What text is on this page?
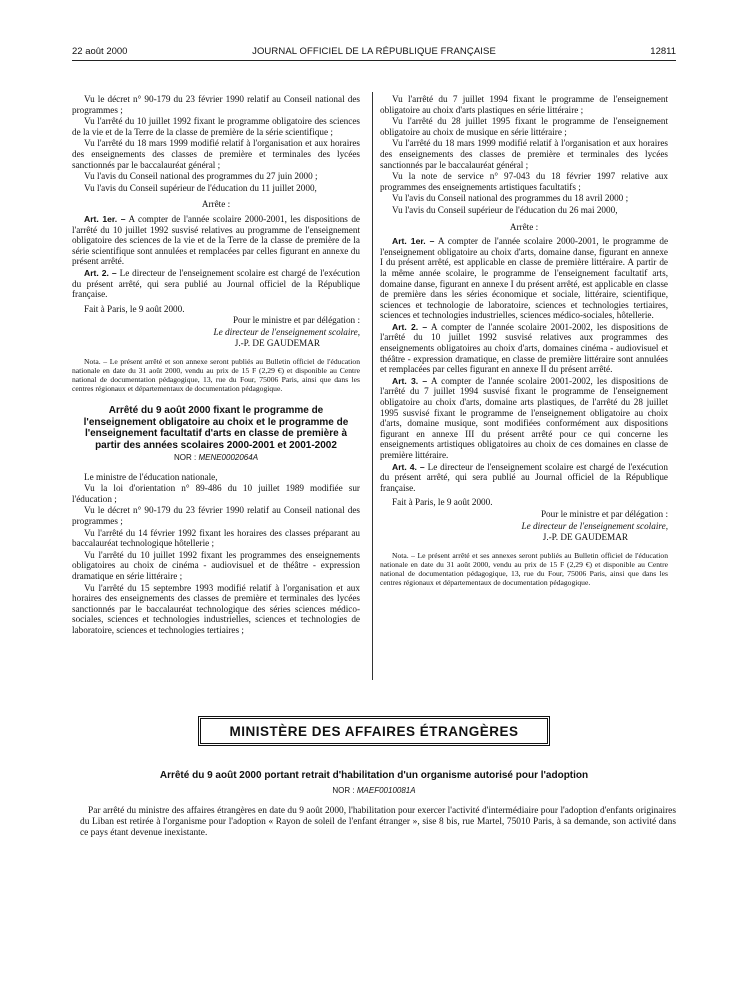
22 août 2000	JOURNAL OFFICIEL DE LA RÉPUBLIQUE FRANÇAISE	12811

Vu le décret n° 90-179 du 23 février 1990 relatif au Conseil national des programmes ;

Vu l'arrêté du 10 juillet 1992 fixant le programme obligatoire des sciences de la vie et de la Terre de la classe de première de la série scientifique ;

Vu l'arrêté du 18 mars 1999 modifié relatif à l'organisation et aux horaires des enseignements des classes de première et terminales des lycées sanctionnés par le baccalauréat général ;

Vu l'avis du Conseil national des programmes du 27 juin 2000 ;

Vu l'avis du Conseil supérieur de l'éducation du 11 juillet 2000,

Arrête :

Art. 1er. – A compter de l'année scolaire 2000-2001, les dispositions de l'arrêté du 10 juillet 1992 susvisé relatives au programme de l'enseignement obligatoire des sciences de la vie et de la Terre de la classe de première de la série scientifique sont annulées et remplacées par celles figurant en annexe du présent arrêté.

Art. 2. – Le directeur de l'enseignement scolaire est chargé de l'exécution du présent arrêté, qui sera publié au Journal officiel de la République française.

Fait à Paris, le 9 août 2000.

Pour le ministre et par délégation :

Le directeur de l'enseignement scolaire,

J.-P. DE GAUDEMAR

Nota. – Le présent arrêté et son annexe seront publiés au Bulletin officiel de l'éducation nationale en date du 31 août 2000, vendu au prix de 15 F (2,29 €) et disponible au Centre national de documentation pédagogique, 13, rue du Four, 75006 Paris, ainsi que dans les centres régionaux et départementaux de documentation pédagogique.

Arrêté du 9 août 2000 fixant le programme de l'enseignement obligatoire au choix et le programme de l'enseignement facultatif d'arts en classe de première à partir des années scolaires 2000-2001 et 2001-2002

NOR : MENE0002064A

Le ministre de l'éducation nationale,

Vu la loi d'orientation n° 89-486 du 10 juillet 1989 modifiée sur l'éducation ;

Vu le décret n° 90-179 du 23 février 1990 relatif au Conseil national des programmes ;

Vu l'arrêté du 14 février 1992 fixant les horaires des classes préparant au baccalauréat technologique hôtellerie ;

Vu l'arrêté du 10 juillet 1992 fixant les programmes des enseignements obligatoires au choix de cinéma - audiovisuel et de théâtre - expression dramatique en série littéraire ;

Vu l'arrêté du 15 septembre 1993 modifié relatif à l'organisation et aux horaires des enseignements des classes de première et terminales des lycées sanctionnés par le baccalauréat technologique des séries sciences médico-sociales, sciences et technologies industrielles, sciences et technologies de laboratoire, sciences et technologies tertiaires ;

Vu l'arrêté du 7 juillet 1994 fixant le programme de l'enseignement obligatoire au choix d'arts plastiques en série littéraire ;

Vu l'arrêté du 28 juillet 1995 fixant le programme de l'enseignement obligatoire au choix de musique en série littéraire ;

Vu l'arrêté du 18 mars 1999 modifié relatif à l'organisation et aux horaires des enseignements des classes de première et terminales des lycées sanctionnés par le baccalauréat général ;

Vu la note de service n° 97-043 du 18 février 1997 relative aux programmes des enseignements artistiques facultatifs ;

Vu l'avis du Conseil national des programmes du 18 avril 2000 ;

Vu l'avis du Conseil supérieur de l'éducation du 26 mai 2000,

Arrête :

Art. 1er. – A compter de l'année scolaire 2000-2001, le programme de l'enseignement obligatoire au choix d'arts, domaine danse, figurant en annexe I du présent arrêté, est applicable en classe de première littéraire. A partir de la même année scolaire, le programme de l'enseignement facultatif arts, domaine danse, figurant en annexe I du présent arrêté, est applicable en classe de première dans les séries économique et sociale, littéraire, scientifique, sciences et technologie de laboratoire, sciences et technologies tertiaires, sciences et technologies industrielles, sciences médico-sociales, hôtellerie.

Art. 2. – A compter de l'année scolaire 2001-2002, les dispositions de l'arrêté du 10 juillet 1992 susvisé relatives aux programmes des enseignements obligatoires au choix d'arts, domaines cinéma - audiovisuel et théâtre - expression dramatique, en classe de première littéraire sont annulées et remplacées par celles figurant en annexe II du présent arrêté.

Art. 3. – A compter de l'année scolaire 2001-2002, les dispositions de l'arrêté du 7 juillet 1994 susvisé fixant le programme de l'enseignement obligatoire au choix d'arts, domaine arts plastiques, de l'arrêté du 28 juillet 1995 susvisé fixant le programme de l'enseignement obligatoire au choix d'arts, domaine musique, sont modifiées conformément aux dispositions figurant en annexe III du présent arrêté pour ce qui concerne les enseignements artistiques obligatoires au choix de ces domaines en classe de première littéraire.

Art. 4. – Le directeur de l'enseignement scolaire est chargé de l'exécution du présent arrêté, qui sera publié au Journal officiel de la République française.

Fait à Paris, le 9 août 2000.

Pour le ministre et par délégation :

Le directeur de l'enseignement scolaire,

J.-P. DE GAUDEMAR

Nota. – Le présent arrêté et ses annexes seront publiés au Bulletin officiel de l'éducation nationale en date du 31 août 2000, vendu au prix de 15 F (2,29 €) et disponible au Centre national de documentation pédagogique, 13, rue du Four, 75006 Paris, ainsi que dans les centres régionaux et départementaux de documentation pédagogique.

MINISTÈRE DES AFFAIRES ÉTRANGÈRES
Arrêté du 9 août 2000 portant retrait d'habilitation d'un organisme autorisé pour l'adoption
NOR : MAEF0010081A

Par arrêté du ministre des affaires étrangères en date du 9 août 2000, l'habilitation pour exercer l'activité d'intermédiaire pour l'adoption d'enfants originaires du Liban est retirée à l'organisme pour l'adoption « Rayon de soleil de l'enfant étranger », sise 8 bis, rue Martel, 75010 Paris, à sa demande, son activité dans ce pays étant devenue inexistante.
